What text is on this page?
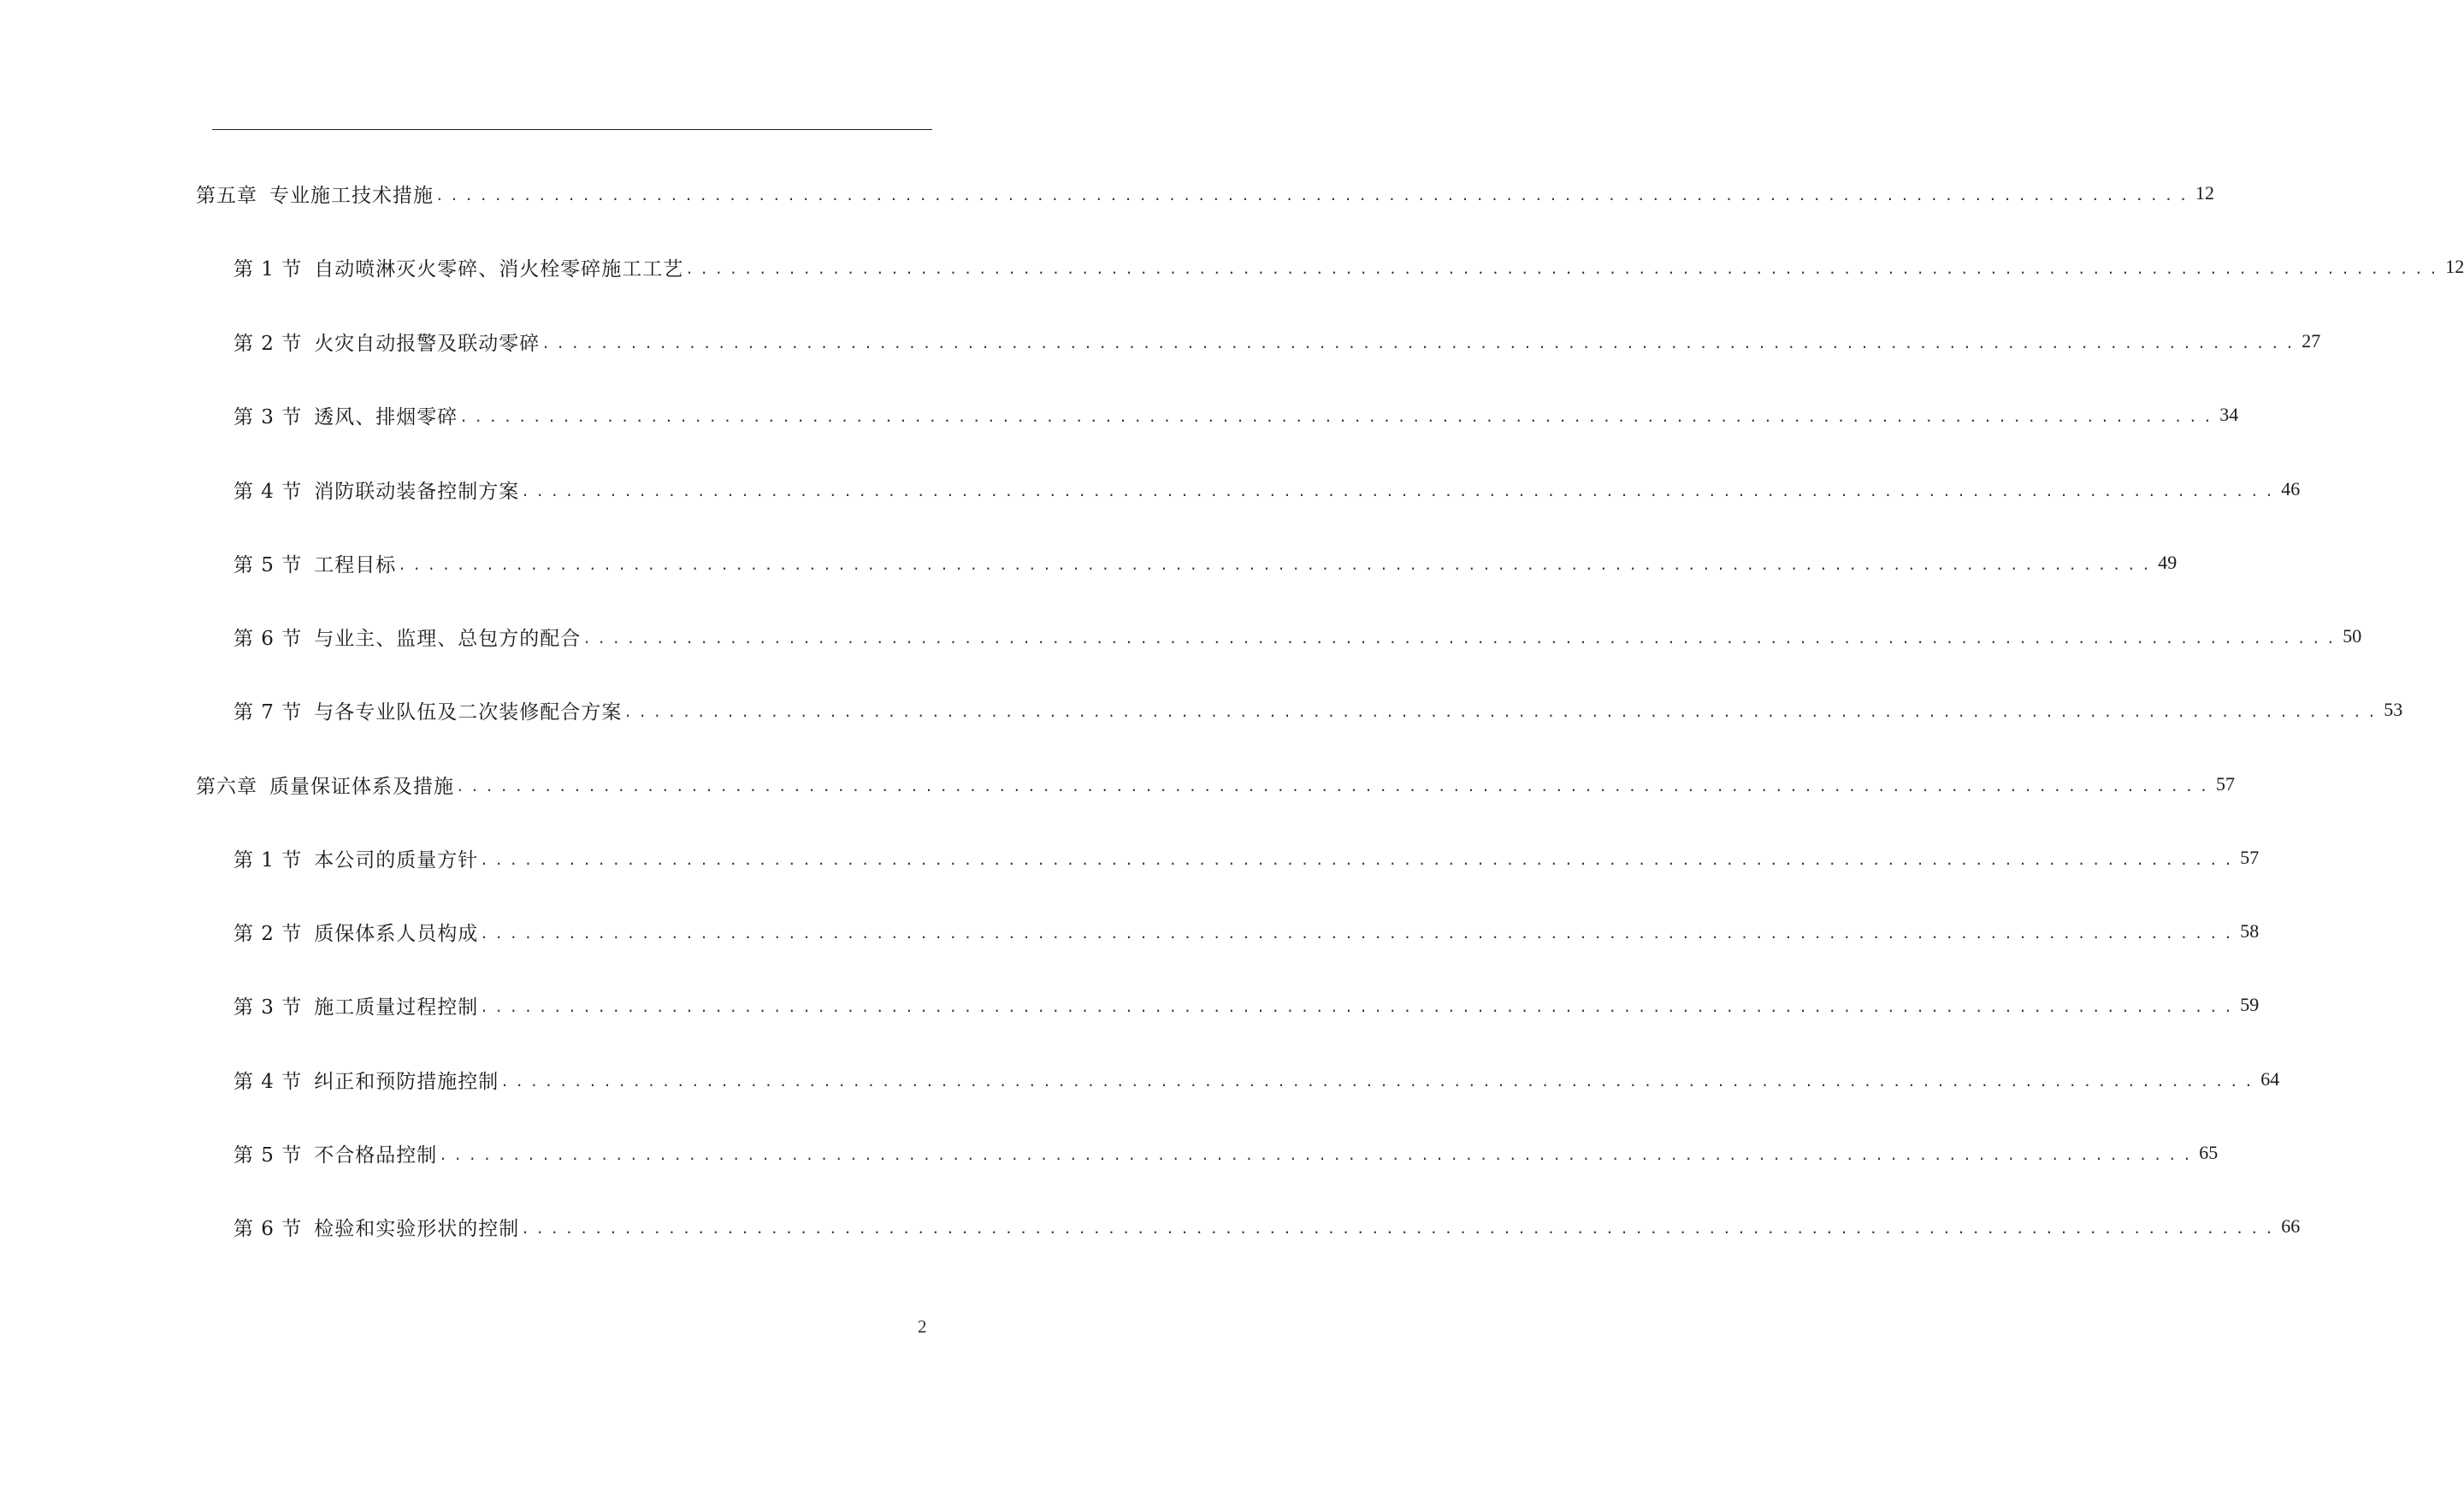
第五章 专业施工技术措施 ........................................................................................................................ 12
第 1 节 自动喷淋灭火零碎、消火栓零碎施工工艺 ........................................................................................................................ 12
第 2 节 火灾自动报警及联动零碎 ........................................................................................................................ 27
第 3 节 透风、排烟零碎 ........................................................................................................................ 34
第 4 节 消防联动装备控制方案 ........................................................................................................................ 46
第 5 节 工程目标 ........................................................................................................................ 49
第 6 节 与业主、监理、总包方的配合 ........................................................................................................................ 50
第 7 节 与各专业队伍及二次装修配合方案 ........................................................................................................................ 53
第六章 质量保证体系及措施 ........................................................................................................................ 57
第 1 节 本公司的质量方针 ........................................................................................................................ 57
第 2 节 质保体系人员构成 ........................................................................................................................ 58
第 3 节 施工质量过程控制 ........................................................................................................................ 59
第 4 节 纠正和预防措施控制 ........................................................................................................................ 64
第 5 节 不合格品控制 ........................................................................................................................ 65
第 6 节 检验和实验形状的控制 ........................................................................................................................ 66
2
